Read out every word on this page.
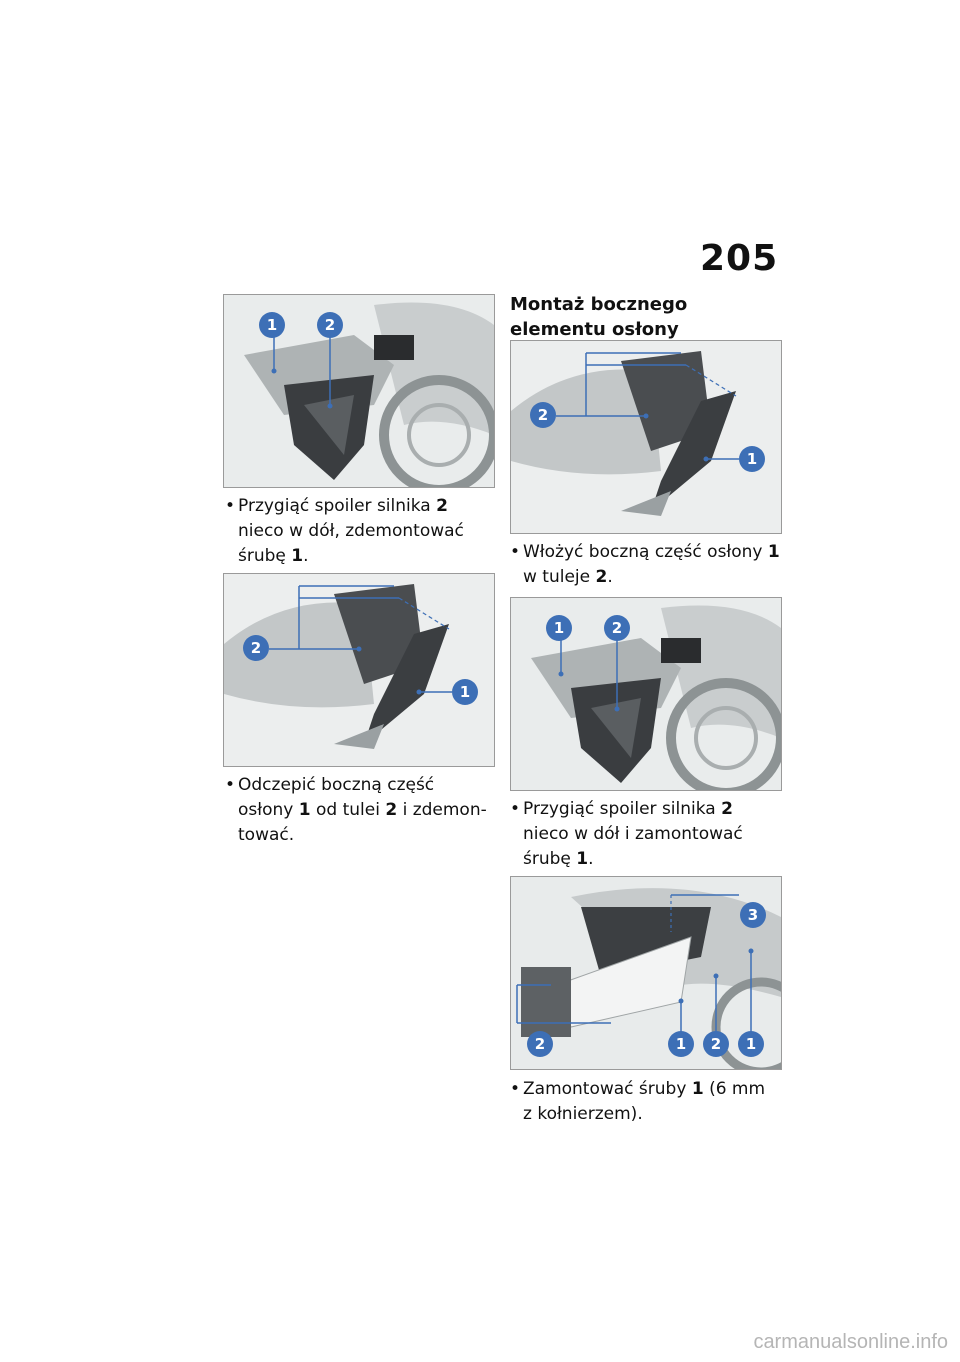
205
1	2
• Przygiąć spoiler silnika 2
nieco w dół, zdemontować
śrubę 1.
2
1
• Odczepić boczną część
osłony 1 od tulei 2 i zdemon-
tować.
Montaż bocznego elementu osłony
2
1
• Włożyć boczną część osłony 1
w tuleje 2.
1	2
• Przygiąć spoiler silnika 2
nieco w dół i zamontować
śrubę 1.
3
2	1 2 1
• Zamontować śruby 1 (6 mm
z kołnierzem).
carmanualsonline.info
